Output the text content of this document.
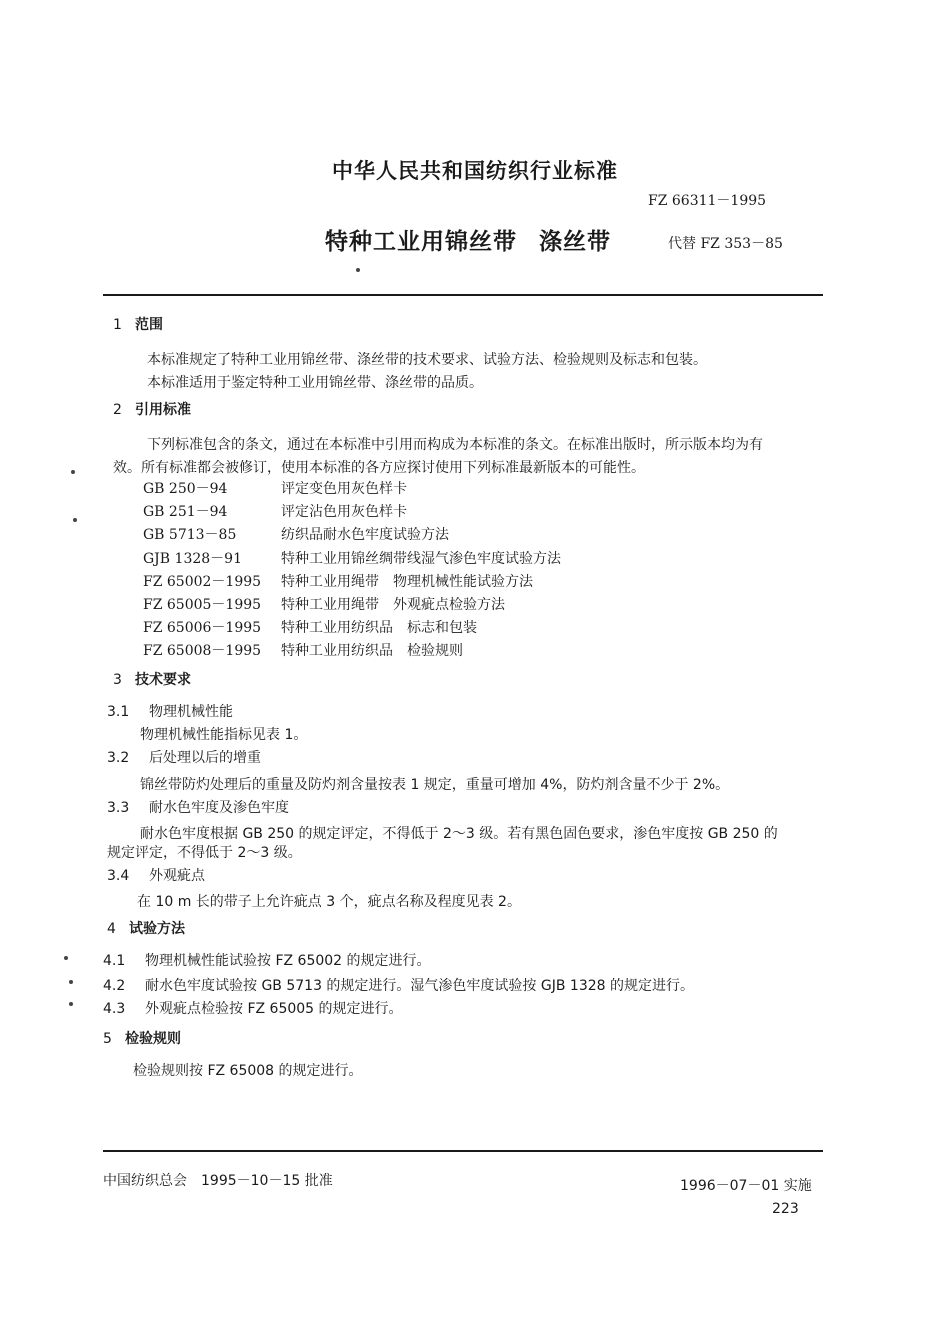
中华人民共和国纺织行业标准
FZ 66311－1995
特种工业用锦丝带 涤丝带	代替 FZ 353－85
1 范围
本标准规定了特种工业用锦丝带、涤丝带的技术要求、试验方法、检验规则及标志和包装。
本标准适用于鉴定特种工业用锦丝带、涤丝带的品质。
2 引用标准
下列标准包含的条文，通过在本标准中引用而构成为本标准的条文。在标准出版时，所示版本均为有
效。所有标准都会被修订，使用本标准的各方应探讨使用下列标准最新版本的可能性。
GB 250－94	评定变色用灰色样卡
GB 251－94	评定沾色用灰色样卡
GB 5713－85	纺织品耐水色牢度试验方法
GJB 1328－91	特种工业用锦丝绸带线湿气渗色牢度试验方法
FZ 65002－1995 特种工业用绳带　物理机械性能试验方法
FZ 65005－1995 特种工业用绳带　外观疵点检验方法
FZ 65006－1995 特种工业用纺织品　标志和包装
FZ 65008－1995 特种工业用纺织品　检验规则
3 技术要求
3.1 物理机械性能
物理机械性能指标见表 1。
3.2 后处理以后的增重
锦丝带防灼处理后的重量及防灼剂含量按表 1 规定，重量可增加 4%，防灼剂含量不少于 2%。
3.3 耐水色牢度及渗色牢度
耐水色牢度根据 GB 250 的规定评定，不得低于 2～3 级。若有黑色固色要求，渗色牢度按 GB 250 的
规定评定，不得低于 2～3 级。
3.4 外观疵点
在 10 m 长的带子上允许疵点 3 个，疵点名称及程度见表 2。
4 试验方法
4.1 物理机械性能试验按 FZ 65002 的规定进行。
4.2 耐水色牢度试验按 GB 5713 的规定进行。湿气渗色牢度试验按 GJB 1328 的规定进行。
4.3 外观疵点检验按 FZ 65005 的规定进行。
5 检验规则
检验规则按 FZ 65008 的规定进行。
中国纺织总会　1995－10－15 批准	1996－07－01 实施
223
